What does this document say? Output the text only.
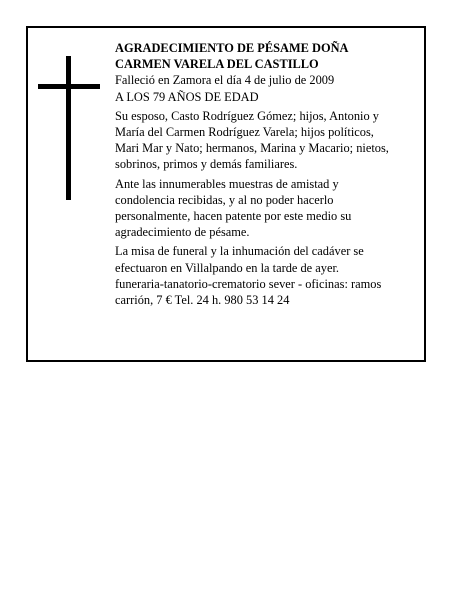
AGRADECIMIENTO DE PÉSAME DOÑA
CARMEN VARELA DEL CASTILLO
Falleció en Zamora el día 4 de julio de 2009
A LOS 79 AÑOS DE EDAD
Su esposo, Casto Rodríguez Gómez; hijos, Antonio y
María del Carmen Rodríguez Varela; hijos políticos,
Mari Mar y Nato; hermanos, Marina y Macario; nietos,
sobrinos, primos y demás familiares.
Ante las innumerables muestras de amistad y
condolencia recibidas, y al no poder hacerlo
personalmente, hacen patente por este medio su
agradecimiento de pésame.
La misa de funeral y la inhumación del cadáver se
efectuaron en Villalpando en la tarde de ayer.
funeraria-tanatorio-crematorio sever - oficinas: ramos
carrión, 7 € Tel. 24 h. 980 53 14 24
